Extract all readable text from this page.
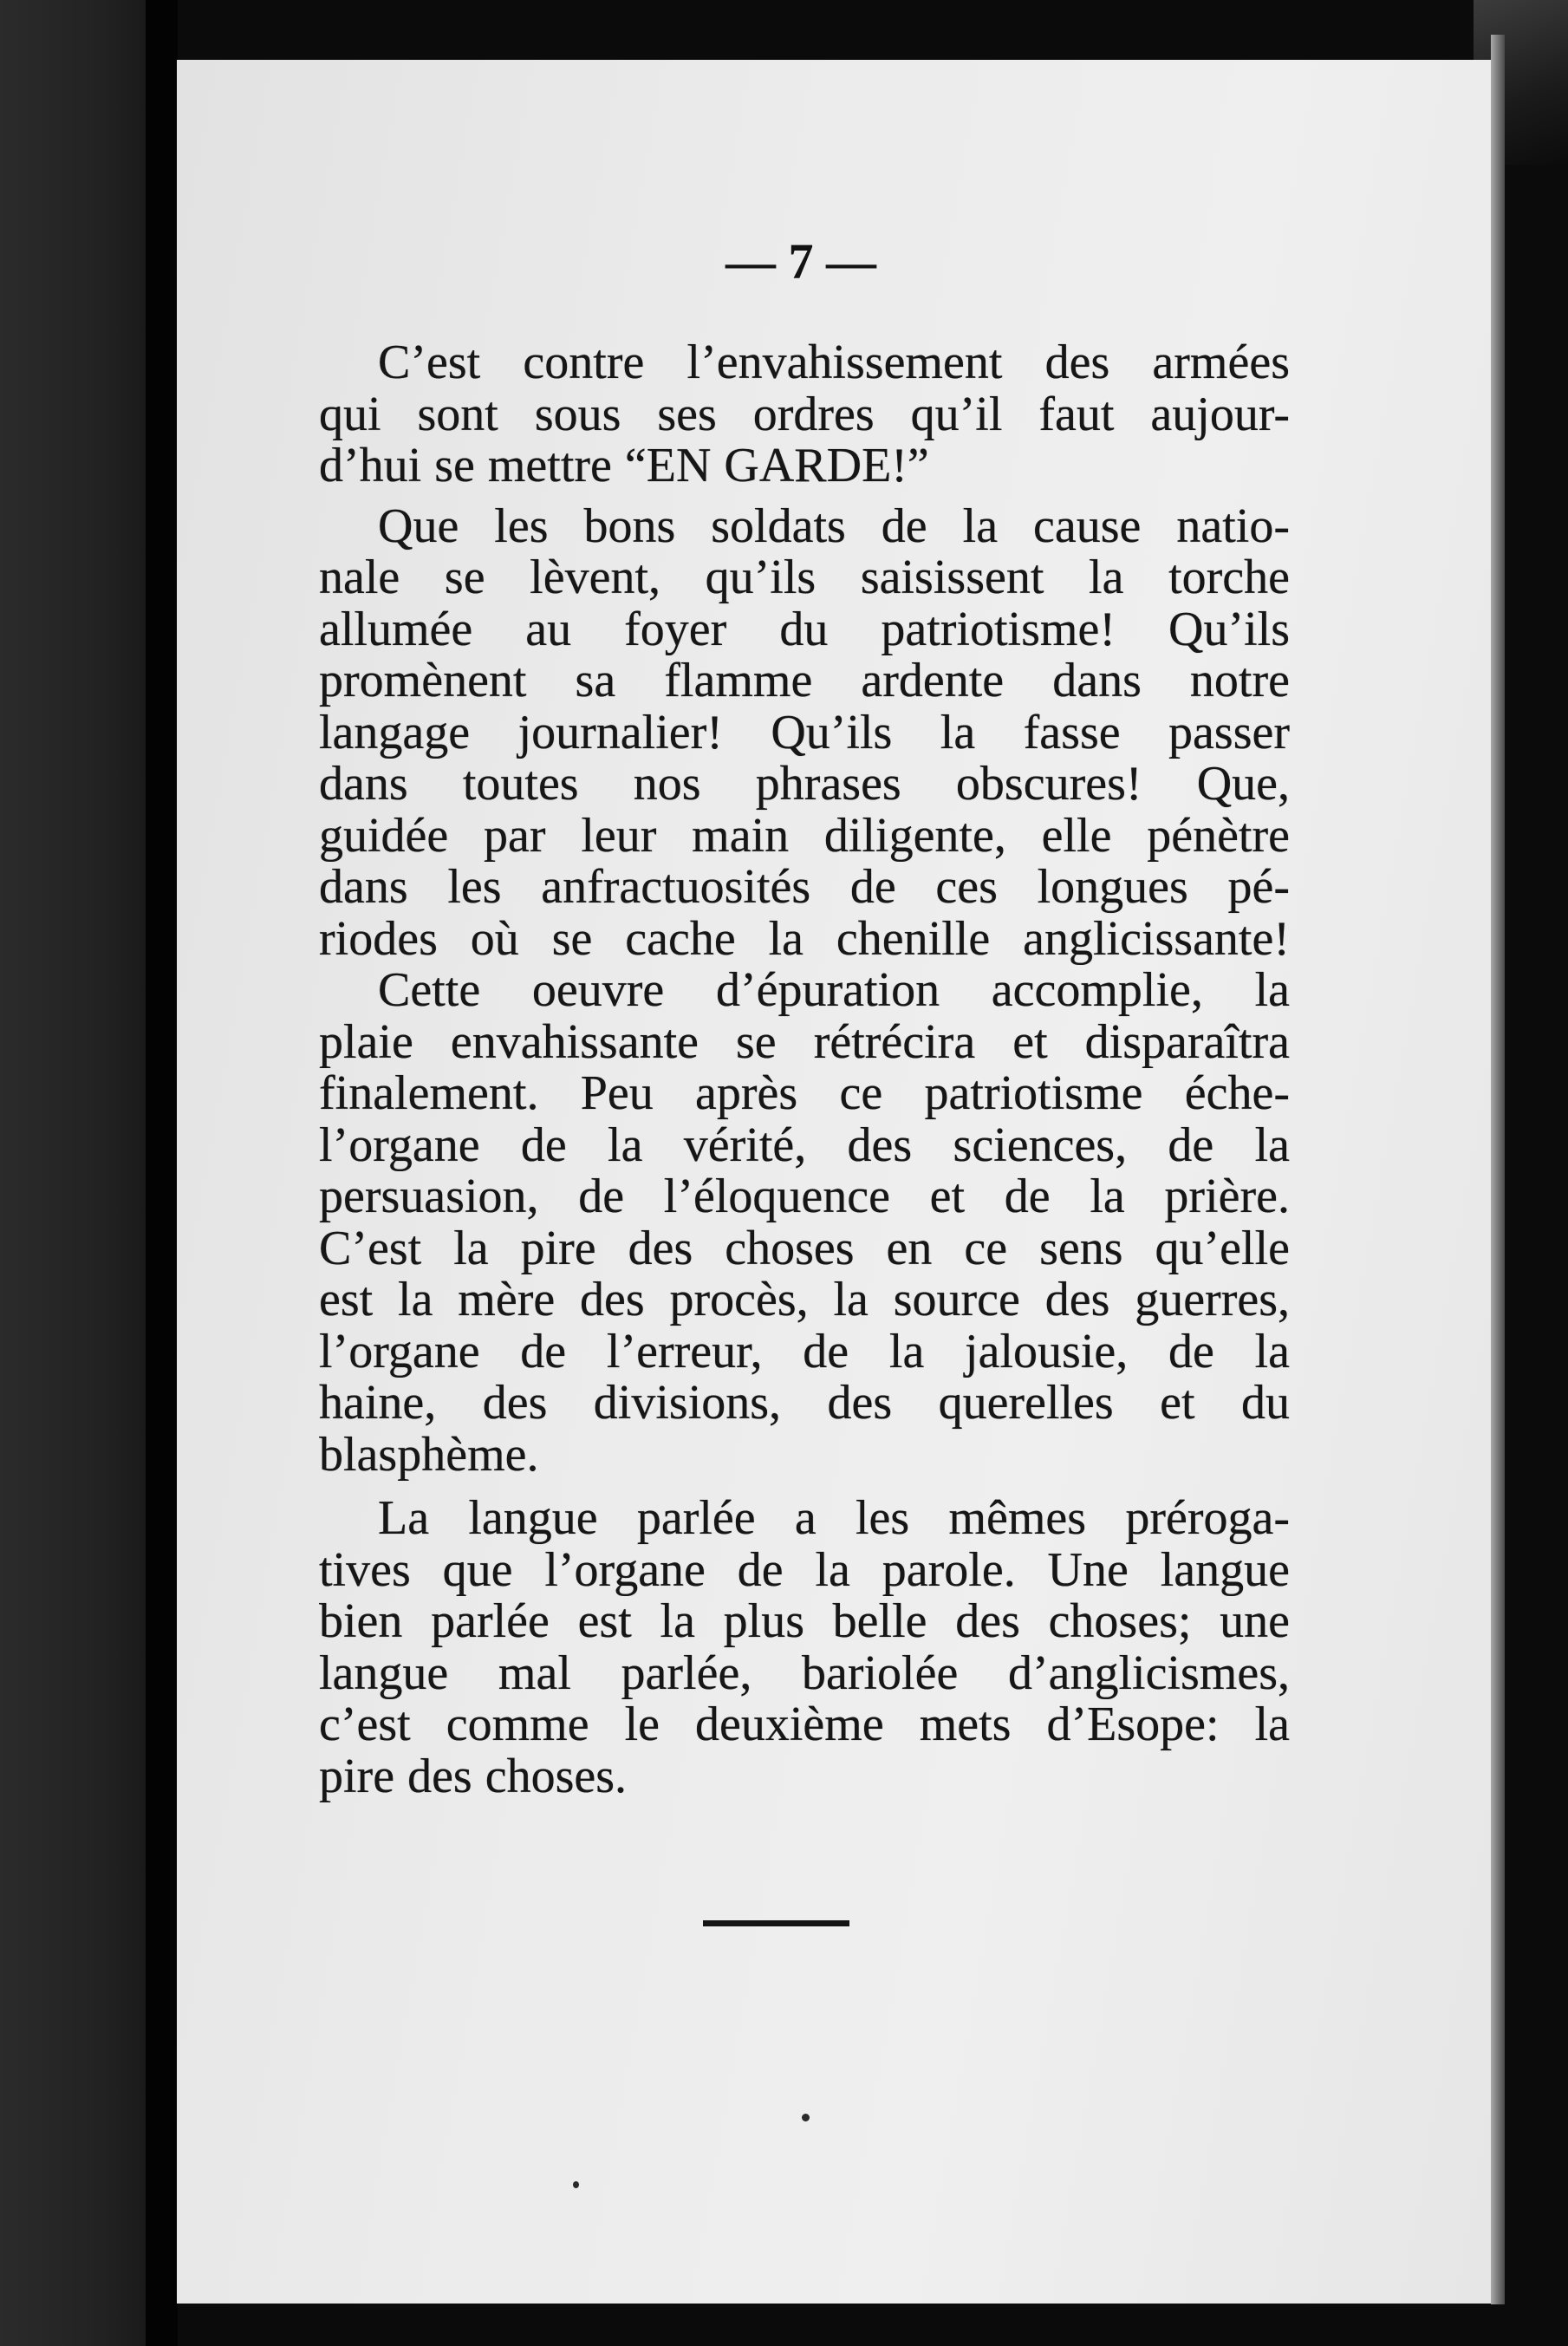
— 7 —
C’est contre l’envahissement des armées
qui sont sous ses ordres qu’il faut aujour-
d’hui se mettre “EN GARDE!”
Que les bons soldats de la cause natio-
nale se lèvent, qu’ils saisissent la torche
allumée au foyer du patriotisme! Qu’ils
promènent sa flamme ardente dans notre
langage journalier! Qu’ils la fasse passer
dans toutes nos phrases obscures! Que,
guidée par leur main diligente, elle pénètre
dans les anfractuosités de ces longues pé-
riodes où se cache la chenille anglicissante!
Cette oeuvre d’épuration accomplie, la
plaie envahissante se rétrécira et disparaîtra
finalement. Peu après ce patriotisme éche-
l’organe de la vérité, des sciences, de la
persuasion, de l’éloquence et de la prière.
C’est la pire des choses en ce sens qu’elle
est la mère des procès, la source des guerres,
l’organe de l’erreur, de la jalousie, de la
haine, des divisions, des querelles et du
blasphème.
La langue parlée a les mêmes préroga-
tives que l’organe de la parole. Une langue
bien parlée est la plus belle des choses; une
langue mal parlée, bariolée d’anglicismes,
c’est comme le deuxième mets d’Esope: la
pire des choses.
